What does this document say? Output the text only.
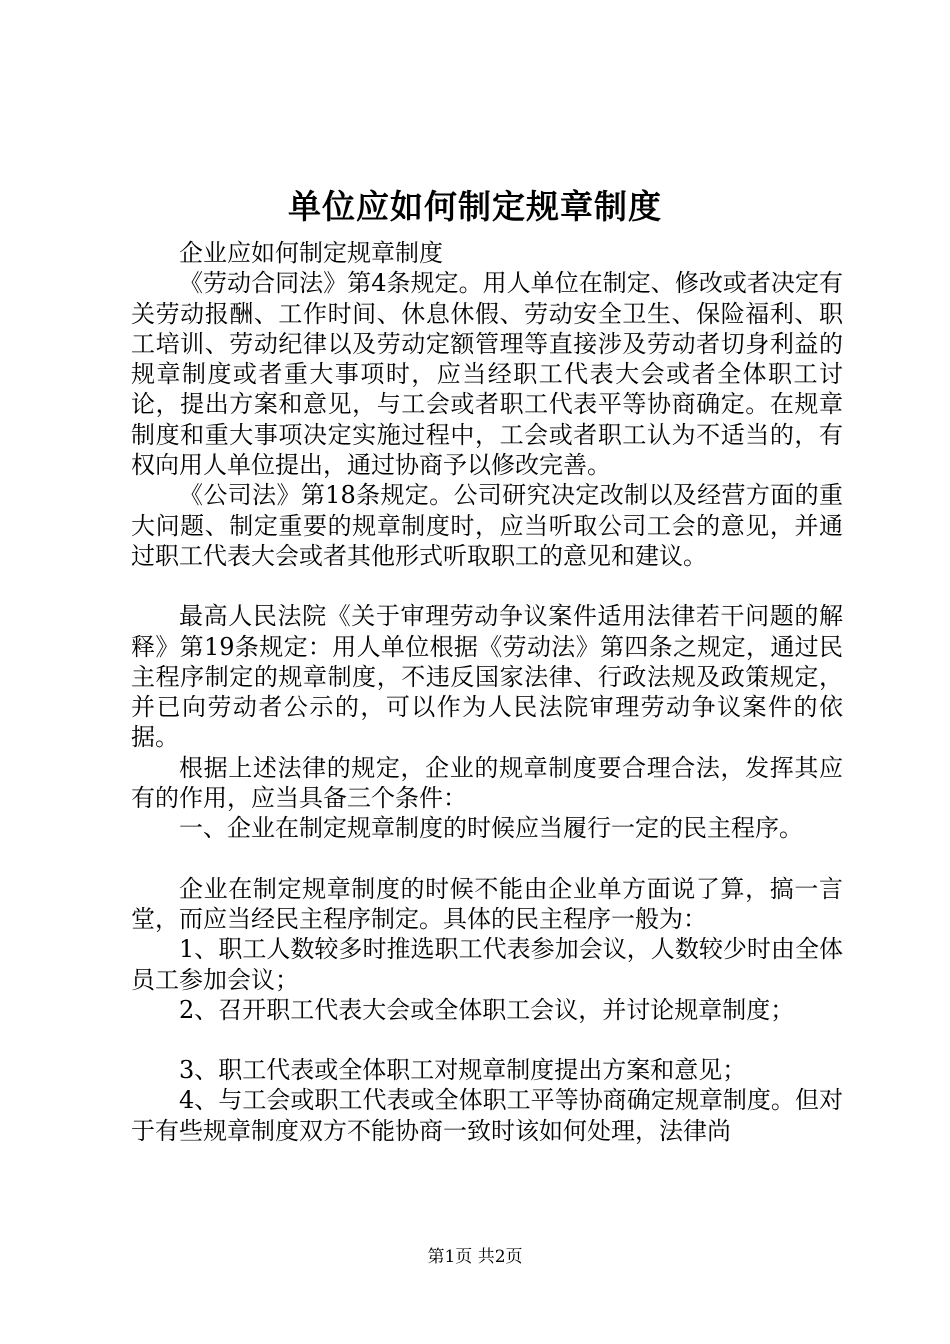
单位应如何制定规章制度

企业应如何制定规章制度

《劳动合同法》第4条规定。用人单位在制定、修改或者决定有关劳动报酬、工作时间、休息休假、劳动安全卫生、保险福利、职工培训、劳动纪律以及劳动定额管理等直接涉及劳动者切身利益的规章制度或者重大事项时，应当经职工代表大会或者全体职工讨论，提出方案和意见，与工会或者职工代表平等协商确定。在规章制度和重大事项决定实施过程中，工会或者职工认为不适当的，有权向用人单位提出，通过协商予以修改完善。

《公司法》第18条规定。公司研究决定改制以及经营方面的重大问题、制定重要的规章制度时，应当听取公司工会的意见，并通过职工代表大会或者其他形式听取职工的意见和建议。

最高人民法院《关于审理劳动争议案件适用法律若干问题的解释》第19条规定：用人单位根据《劳动法》第四条之规定，通过民主程序制定的规章制度，不违反国家法律、行政法规及政策规定，并已向劳动者公示的，可以作为人民法院审理劳动争议案件的依据。

根据上述法律的规定，企业的规章制度要合理合法，发挥其应有的作用，应当具备三个条件：

一、企业在制定规章制度的时候应当履行一定的民主程序。

企业在制定规章制度的时候不能由企业单方面说了算，搞一言堂，而应当经民主程序制定。具体的民主程序一般为：

1、职工人数较多时推选职工代表参加会议，人数较少时由全体员工参加会议；

2、召开职工代表大会或全体职工会议，并讨论规章制度；

3、职工代表或全体职工对规章制度提出方案和意见；

4、与工会或职工代表或全体职工平等协商确定规章制度。但对于有些规章制度双方不能协商一致时该如何处理，法律尚

第1页 共2页
